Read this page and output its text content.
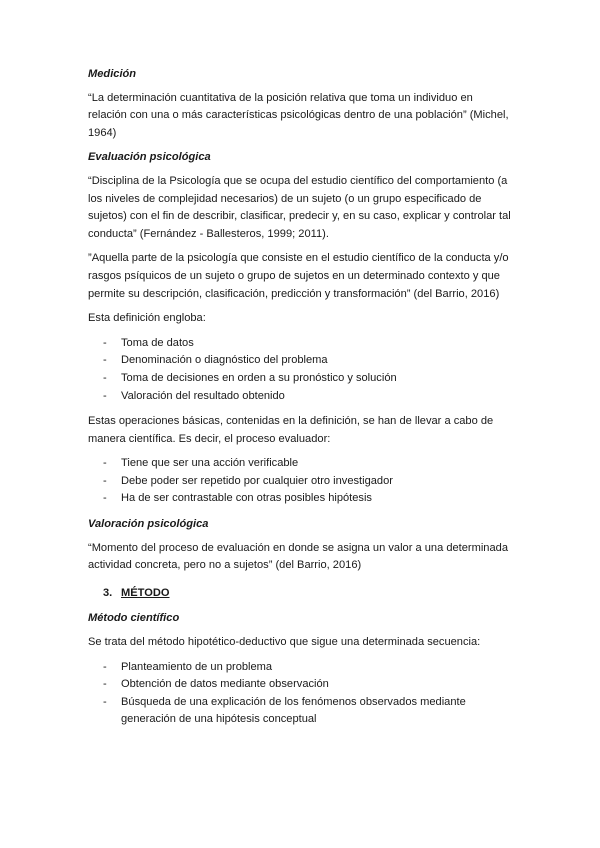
Medición

“La determinación cuantitativa de la posición relativa que toma un individuo en relación con una o más características psicológicas dentro de una población” (Michel, 1964)

Evaluación psicológica

“Disciplina de la Psicología que se ocupa del estudio científico del comportamiento (a los niveles de complejidad necesarios) de un sujeto (o un grupo especificado de sujetos) con el fin de describir, clasificar, predecir y, en su caso, explicar y controlar tal conducta” (Fernández - Ballesteros, 1999; 2011).

”Aquella parte de la psicología que consiste en el estudio científico de la conducta y/o rasgos psíquicos de un sujeto o grupo de sujetos en un determinado contexto y que permite su descripción, clasificación, predicción y transformación” (del Barrio, 2016)

Esta definición engloba:

- Toma de datos
- Denominación o diagnóstico del problema
- Toma de decisiones en orden a su pronóstico y solución
- Valoración del resultado obtenido

Estas operaciones básicas, contenidas en la definición, se han de llevar a cabo de manera científica. Es decir, el proceso evaluador:

- Tiene que ser una acción verificable
- Debe poder ser repetido por cualquier otro investigador
- Ha de ser contrastable con otras posibles hipótesis
Valoración psicológica

“Momento del proceso de evaluación en donde se asigna un valor a una determinada actividad concreta, pero no a sujetos” (del Barrio, 2016)

3. MÉTODO
Método científico

Se trata del método hipotético-deductivo que sigue una determinada secuencia:

- Planteamiento de un problema
- Obtención de datos mediante observación
- Búsqueda de una explicación de los fenómenos observados mediante generación de una hipótesis conceptual
